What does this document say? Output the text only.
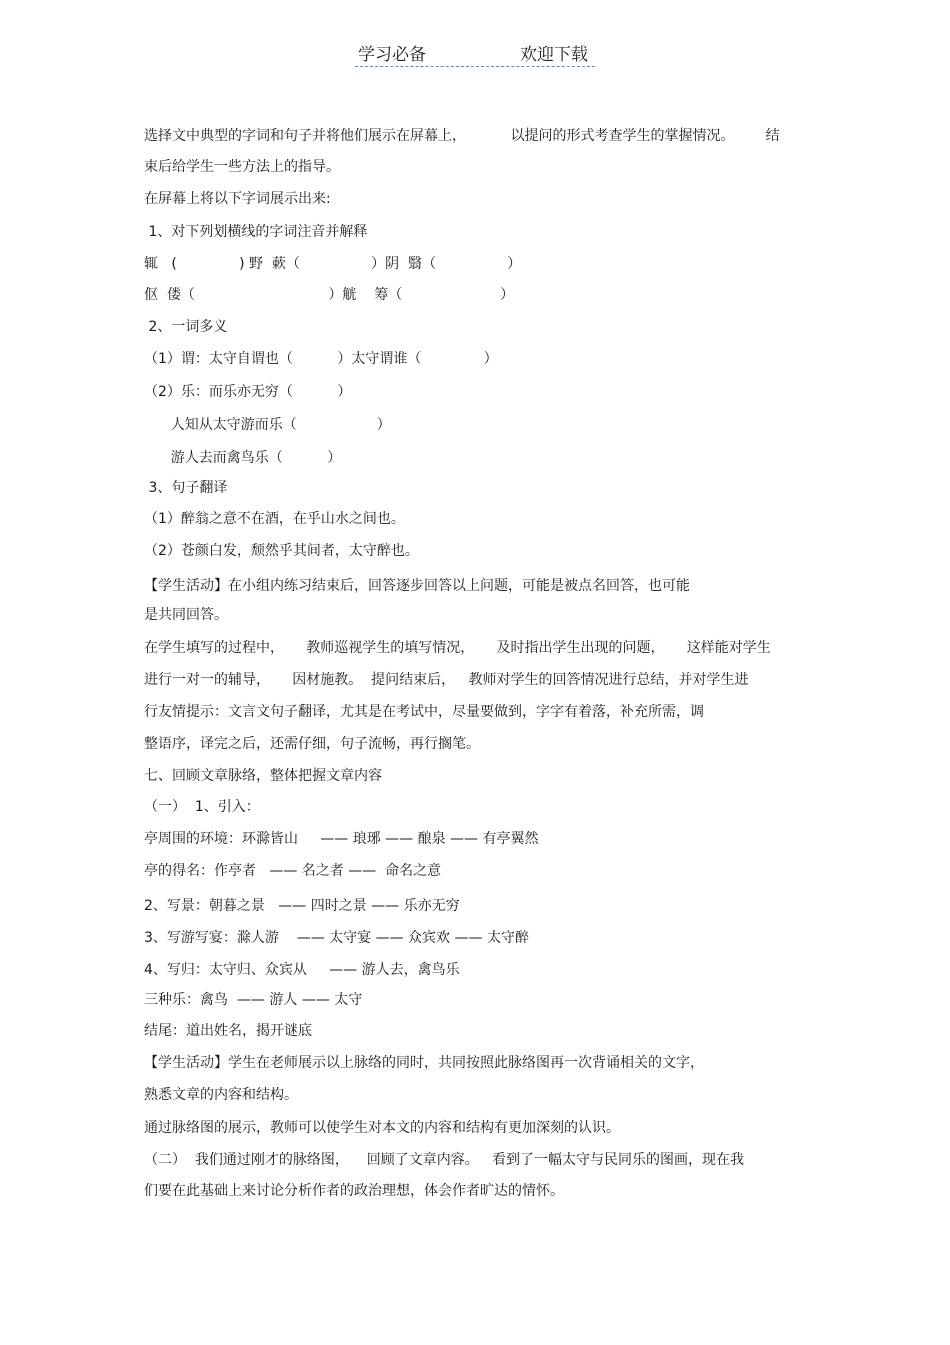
学习必备	欢迎下载
选择文中典型的字词和句子并将他们展示在屏幕上，          以提问的形式考查学生的掌握情况。       结
束后给学生一些方法上的指导。
在屏幕上将以下字词展示出来:
1、对下列划横线的字词注音并解释
辄   (              ) 野  蔌（                ）阴  翳（                ）
伛  偻（                              ）觥    筹（                      ）
2、一词多义
（1）谓：太守自谓也（          ）太守谓谁（              ）
（2）乐：而乐亦无穷（          ）
人知从太守游而乐（                  ）
游人去而禽鸟乐（          ）
3、句子翻译
（1）醉翁之意不在酒，在乎山水之间也。
（2）苍颜白发，颓然乎其间者，太守醉也。
【学生活动】在小组内练习结束后，回答逐步回答以上问题，可能是被点名回答，也可能
是共同回答。
在学生填写的过程中，     教师巡视学生的填写情况，     及时指出学生出现的问题，     这样能对学生
进行一对一的辅导，     因材施教。  提问结束后，   教师对学生的回答情况进行总结，并对学生进
行友情提示：文言文句子翻译，尤其是在考试中，尽量要做到，字字有着落，补充所需，调
整语序，译完之后，还需仔细，句子流畅，再行搁笔。
七、回顾文章脉络，整体把握文章内容
（一）  1、引入：
亭周围的环境：环滁皆山     —— 琅琊 —— 酿泉 —— 有亭翼然
亭的得名：作亭者   —— 名之者 ——  命名之意
2、写景：朝暮之景   —— 四时之景 —— 乐亦无穷
3、写游写宴：滁人游    —— 太守宴 —— 众宾欢 —— 太守醉
4、写归：太守归、众宾从     —— 游人去，禽鸟乐
三种乐：禽鸟  —— 游人 —— 太守
结尾：道出姓名，揭开谜底
【学生活动】学生在老师展示以上脉络的同时，共同按照此脉络图再一次背诵相关的文字，
熟悉文章的内容和结构。
通过脉络图的展示，教师可以使学生对本文的内容和结构有更加深刻的认识。
（二）  我们通过刚才的脉络图，    回顾了文章内容。   看到了一幅太守与民同乐的图画，现在我
们要在此基础上来讨论分析作者的政治理想，体会作者旷达的情怀。
